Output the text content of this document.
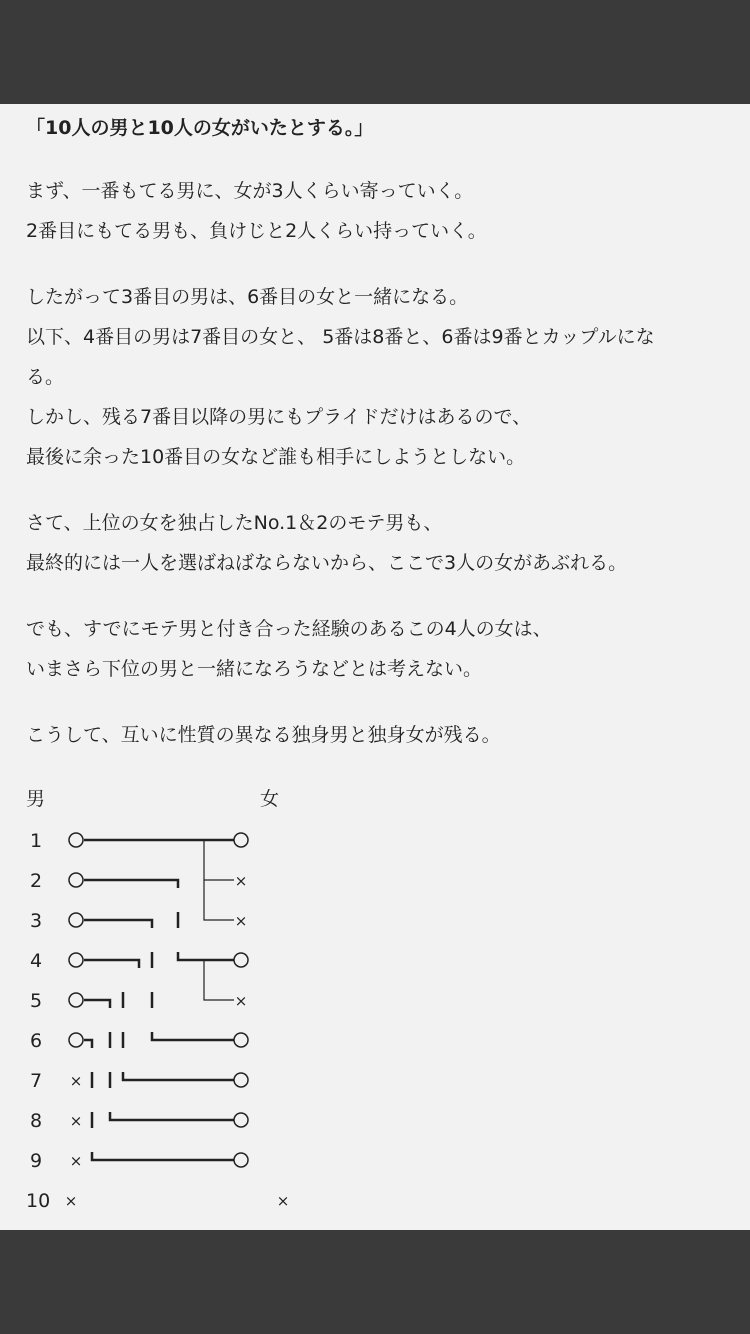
「10人の男と10人の女がいたとする。」

まず、一番もてる男に、女が3人くらい寄っていく。
2番目にもてる男も、負けじと2人くらい持っていく。

したがって3番目の男は、6番目の女と一緒になる。
以下、4番目の男は7番目の女と、 5番は8番と、6番は9番とカップルにな
る。
しかし、残る7番目以降の男にもプライドだけはあるので、
最後に余った10番目の女など誰も相手にしようとしない。

さて、上位の女を独占したNo.1＆2のモテ男も、
最終的には一人を選ばねばならないから、ここで3人の女があぶれる。

でも、すでにモテ男と付き合った経験のあるこの4人の女は、
いまさら下位の男と一緒になろうなどとは考えない。

こうして、互いに性質の異なる独身男と独身女が残る。

男	女
1
2	×
3	×
4
5	×
6
7 ×
8 ×
9 ×
10 ×	×
